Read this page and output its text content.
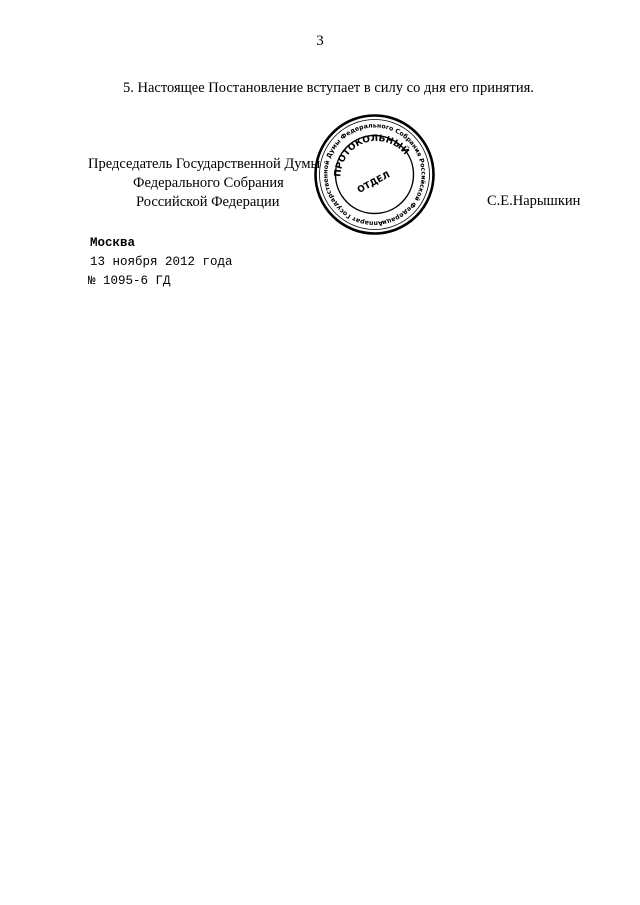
3
5. Настоящее Постановление вступает в силу со дня его принятия.
Председатель Государственной Думы
Федерального Собрания
Российской Федерации
Аппарат Государственной Думы Федерального Собрания Российской Федерации
ПРОТОКОЛЬНЫЙ
ОТДЕЛ
С.Е.Нарышкин
Москва
13 ноября 2012 года
№ 1095-6 ГД
